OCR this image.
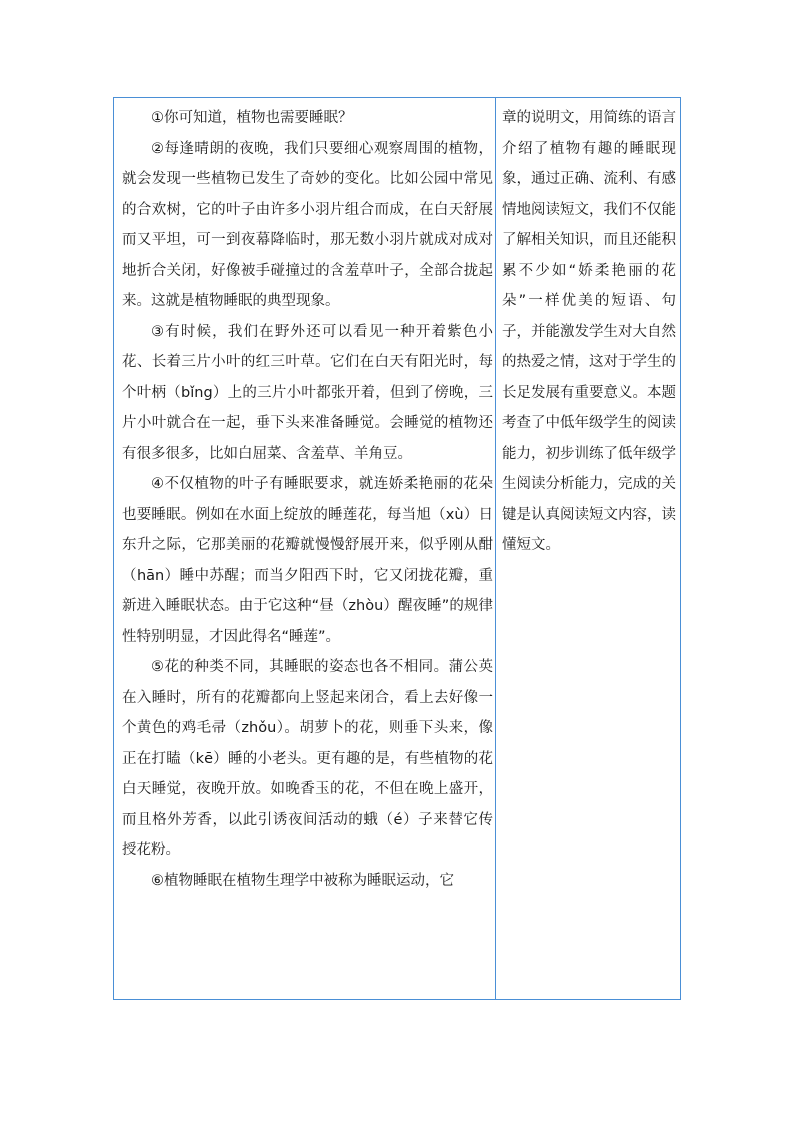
①你可知道，植物也需要睡眠？

②每逢晴朗的夜晚，我们只要细心观察周围的植物，就会发现一些植物已发生了奇妙的变化。比如公园中常见的合欢树，它的叶子由许多小羽片组合而成，在白天舒展而又平坦，可一到夜幕降临时，那无数小羽片就成对成对地折合关闭，好像被手碰撞过的含羞草叶子，全部合拢起来。这就是植物睡眠的典型现象。

③有时候，我们在野外还可以看见一种开着紫色小花、长着三片小叶的红三叶草。它们在白天有阳光时，每个叶柄（bǐng）上的三片小叶都张开着，但到了傍晚，三片小叶就合在一起，垂下头来准备睡觉。会睡觉的植物还有很多很多，比如白屈菜、含羞草、羊角豆。

④不仅植物的叶子有睡眠要求，就连娇柔艳丽的花朵也要睡眠。例如在水面上绽放的睡莲花，每当旭（xù）日东升之际，它那美丽的花瓣就慢慢舒展开来，似乎刚从酣（hān）睡中苏醒；而当夕阳西下时，它又闭拢花瓣，重新进入睡眠状态。由于它这种“昼（zhòu）醒夜睡”的规律性特别明显，才因此得名“睡莲”。

⑤花的种类不同，其睡眠的姿态也各不相同。蒲公英在入睡时，所有的花瓣都向上竖起来闭合，看上去好像一个黄色的鸡毛帚（zhǒu）。胡萝卜的花，则垂下头来，像正在打瞌（kē）睡的小老头。更有趣的是，有些植物的花白天睡觉，夜晚开放。如晚香玉的花，不但在晚上盛开，而且格外芳香，以此引诱夜间活动的蛾（é）子来替它传授花粉。

⑥植物睡眠在植物生理学中被称为睡眠运动，它

章的说明文，用简练的语言介绍了植物有趣的睡眠现象，通过正确、流利、有感情地阅读短文，我们不仅能了解相关知识，而且还能积累不少如“娇柔艳丽的花朵”一样优美的短语、句子，并能激发学生对大自然的热爱之情，这对于学生的长足发展有重要意义。本题考查了中低年级学生的阅读能力，初步训练了低年级学生阅读分析能力，完成的关键是认真阅读短文内容，读懂短文。
